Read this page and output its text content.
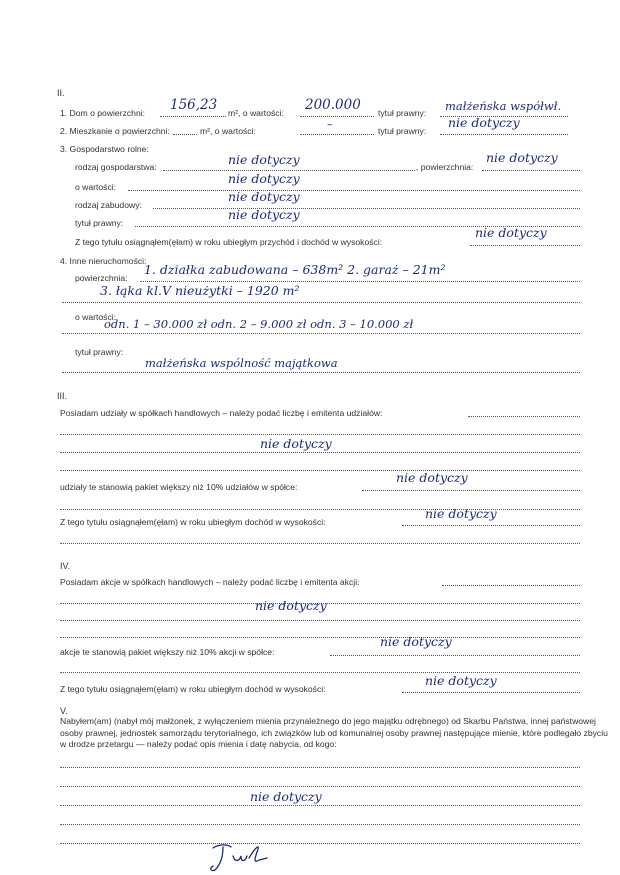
II.
1. Dom o powierzchni: 156,23 m², o wartości: 200.000 tytuł prawny: małżeńska współwł.
2. Mieszkanie o powierzchni:	m², o wartości:	–	tytuł prawny:
nie dotyczy
3. Gospodarstwo rolne:
rodzaj gospodarstwa:	nie dotyczy	, powierzchnia:
nie dotyczy
o wartości:
nie dotyczy
rodzaj zabudowy:
nie dotyczy
tytuł prawny:
nie dotyczy
Z tego tytułu osiągnąłem(ęłam) w roku ubiegłym przychód i dochód w wysokości:
nie dotyczy
4. Inne nieruchomości:
powierzchnia:
1. działka zabudowana – 638m² 2. garaż – 21m²
3. łąka kl.V nieużytki – 1920 m²
o wartości:
odn. 1 – 30.000 zł odn. 2 – 9.000 zł odn. 3 – 10.000 zł
tytuł prawny:
małżeńska wspólność majątkowa
III.
Posiadam udziały w spółkach handlowych – należy podać liczbę i emitenta udziałów:
nie dotyczy
udziały te stanowią pakiet większy niż 10% udziałów w spółce:
nie dotyczy
Z tego tytułu osiągnąłem(ęłam) w roku ubiegłym dochód w wysokości:
nie dotyczy
IV.
Posiadam akcje w spółkach handlowych – należy podać liczbę i emitenta akcji:
nie dotyczy
akcje te stanowią pakiet większy niż 10% akcji w spółce:
nie dotyczy
Z tego tytułu osiągnąłem(ęłam) w roku ubiegłym dochód w wysokości:
nie dotyczy
V.
Nabyłem(am) (nabył mój małżonek, z wyłączeniem mienia przynależnego do jego majątku odrębnego) od Skarbu Państwa, innej państwowej osoby prawnej, jednostek samorządu terytorialnego, ich związków lub od komunalnej osoby prawnej następujące mienie, które podlegało zbyciu w drodze przetargu — należy podać opis mienia i datę nabycia, od kogo:
nie dotyczy
